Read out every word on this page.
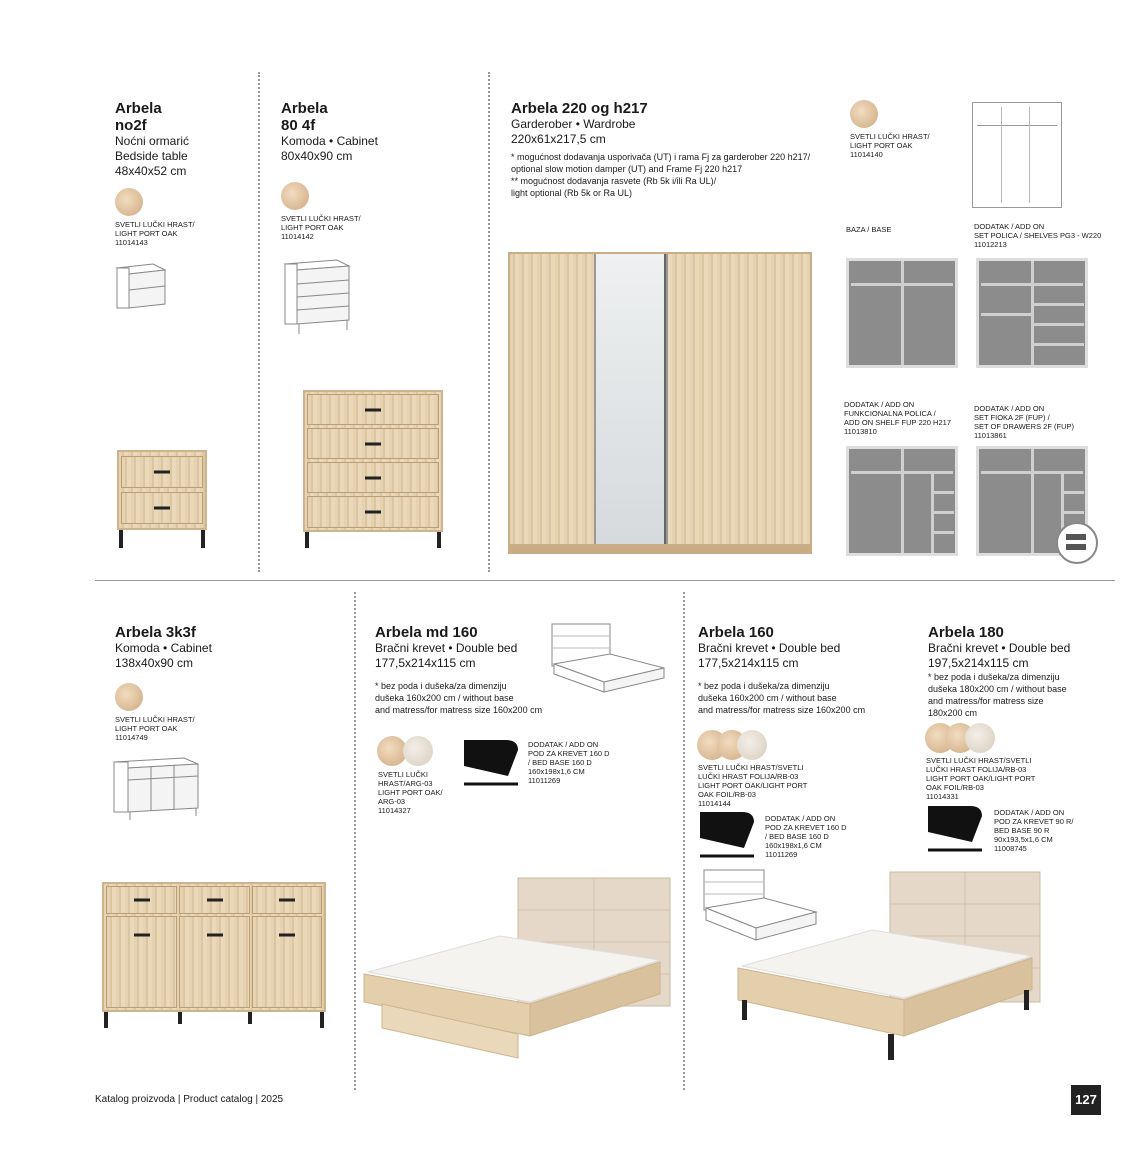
Arbela
no2f
Noćni ormarić
Bedside table
48x40x52 cm
SVETLI LUČKI HRAST/
LIGHT PORT OAK
11014143
Arbela
80 4f
Komoda • Cabinet
80x40x90 cm
SVETLI LUČKI HRAST/
LIGHT PORT OAK
11014142
Arbela 220 og h217
Garderober • Wardrobe
220x61x217,5 cm
* mogućnost dodavanja usporivača (UT) i rama Fj za garderober 220 h217/
optional slow motion damper (UT) and Frame Fj 220 h217
** mogućnost dodavanja rasvete (Rb 5k i/ili Ra UL)/
light optional (Rb 5k or Ra UL)
SVETLI LUČKI HRAST/
LIGHT PORT OAK
11014140
BAZA / BASE	DODATAK / ADD ON
SET POLICA / SHELVES PG3 - W220
11012213
DODATAK / ADD ON
FUNKCIONALNA POLICA /
ADD ON SHELF FUP 220 H217
11013810
DODATAK / ADD ON
SET FIOKA 2F (FUP) /
SET OF DRAWERS 2F (FUP)
11013861
Arbela 3k3f
Komoda • Cabinet
138x40x90 cm
SVETLI LUČKI HRAST/
LIGHT PORT OAK
11014749
Arbela md 160
Bračni krevet • Double bed
177,5x214x115 cm
* bez poda i dušeka/za dimenziju
dušeka 160x200 cm / without base
and matress/for matress size 160x200 cm
SVETLI LUČKI
HRAST/ARG-03
LIGHT PORT OAK/
ARG-03
11014327
DODATAK / ADD ON
POD ZA KREVET 160 D
/ BED BASE 160 D
160x198x1,6 CM
11011269
Arbela 160
Bračni krevet • Double bed
177,5x214x115 cm
* bez poda i dušeka/za dimenziju
dušeka 160x200 cm / without base
and matress/for matress size 160x200 cm
SVETLI LUČKI HRAST/SVETLI
LUČKI HRAST FOLIJA/RB-03
LIGHT PORT OAK/LIGHT PORT
OAK FOIL/RB-03
11014144
DODATAK / ADD ON
POD ZA KREVET 160 D
/ BED BASE 160 D
160x198x1,6 CM
11011269
Arbela 180
Bračni krevet • Double bed
197,5x214x115 cm
* bez poda i dušeka/za dimenziju
dušeka 180x200 cm / without base
and matress/for matress size
180x200 cm
SVETLI LUČKI HRAST/SVETLI
LUČKI HRAST FOLIJA/RB-03
LIGHT PORT OAK/LIGHT PORT
OAK FOIL/RB-03
11014331
DODATAK / ADD ON
POD ZA KREVET 90 R/
BED BASE 90 R
90x193,5x1,6 CM
11008745
Katalog proizvoda | Product catalog | 2025	127
